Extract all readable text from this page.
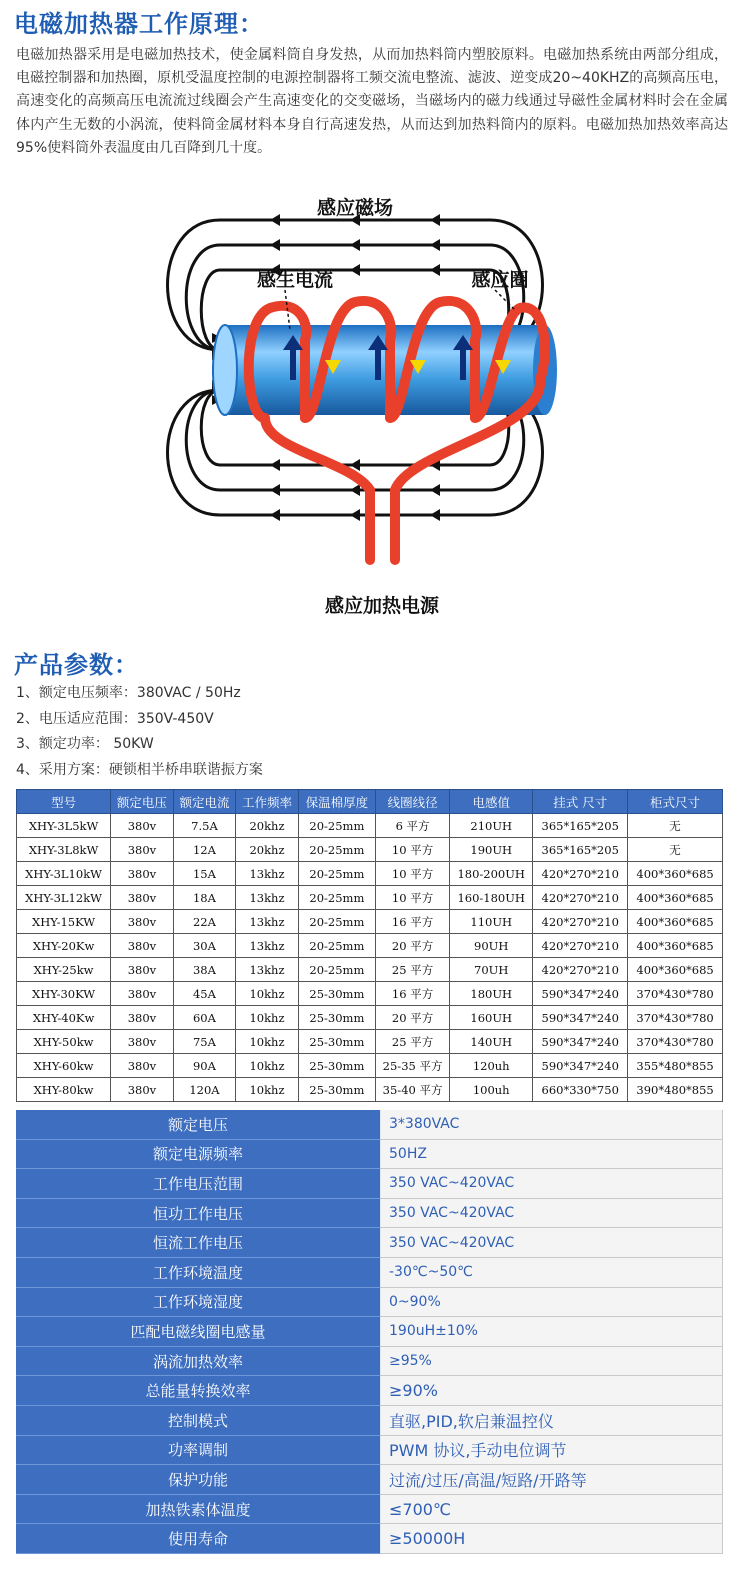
电磁加热器工作原理：

电磁加热器采用是电磁加热技术，使金属料筒自身发热，从而加热料筒内塑胶原料。电磁加热系统由两部分组成，电磁控制器和加热圈，原机受温度控制的电源控制器将工频交流电整流、滤波、逆变成20~40KHZ的高频高压电，高速变化的高频高压电流流过线圈会产生高速变化的交变磁场，当磁场内的磁力线通过导磁性金属材料时会在金属体内产生无数的小涡流，使料筒金属材料本身自行高速发热，从而达到加热料筒内的原料。电磁加热加热效率高达95%使料筒外表温度由几百降到几十度。

感应磁场
感生电流	感应圈
感应加热电源
产品参数：
1、额定电压频率：380VAC / 50Hz
2、电压适应范围：350V-450V
3、额定功率： 50KW
4、采用方案：硬锁相半桥串联谐振方案
型号	额定电压	额定电流	工作频率	保温棉厚度	线圈线径	电感值	挂式 尺寸	柜式尺寸
XHY-3L5kW	380v	7.5A	20khz	20-25mm	6 平方	210UH	365*165*205	无
XHY-3L8kW	380v	12A	20khz	20-25mm	10 平方	190UH	365*165*205	无
XHY-3L10kW	380v	15A	13khz	20-25mm	10 平方	180-200UH	420*270*210	400*360*685
XHY-3L12kW	380v	18A	13khz	20-25mm	10 平方	160-180UH	420*270*210	400*360*685
XHY-15KW	380v	22A	13khz	20-25mm	16 平方	110UH	420*270*210	400*360*685
XHY-20Kw	380v	30A	13khz	20-25mm	20 平方	90UH	420*270*210	400*360*685
XHY-25kw	380v	38A	13khz	20-25mm	25 平方	70UH	420*270*210	400*360*685
XHY-30KW	380v	45A	10khz	25-30mm	16 平方	180UH	590*347*240	370*430*780
XHY-40Kw	380v	60A	10khz	25-30mm	20 平方	160UH	590*347*240	370*430*780
XHY-50kw	380v	75A	10khz	25-30mm	25 平方	140UH	590*347*240	370*430*780
XHY-60kw	380v	90A	10khz	25-30mm	25-35 平方	120uh	590*347*240	355*480*855
XHY-80kw	380v	120A	10khz	25-30mm	35-40 平方	100uh	660*330*750	390*480*855
额定电压	3*380VAC
额定电源频率	50HZ
工作电压范围	350 VAC~420VAC
恒功工作电压	350 VAC~420VAC
恒流工作电压	350 VAC~420VAC
工作环境温度	-30℃~50℃
工作环境湿度	0~90%
匹配电磁线圈电感量	190uH±10%
涡流加热效率	≥95%
总能量转换效率	≥90%
控制模式	直驱,PID,软启兼温控仪
功率调制	PWM 协议,手动电位调节
保护功能	过流/过压/高温/短路/开路等
加热铁素体温度	≤700℃
使用寿命	≥50000H
